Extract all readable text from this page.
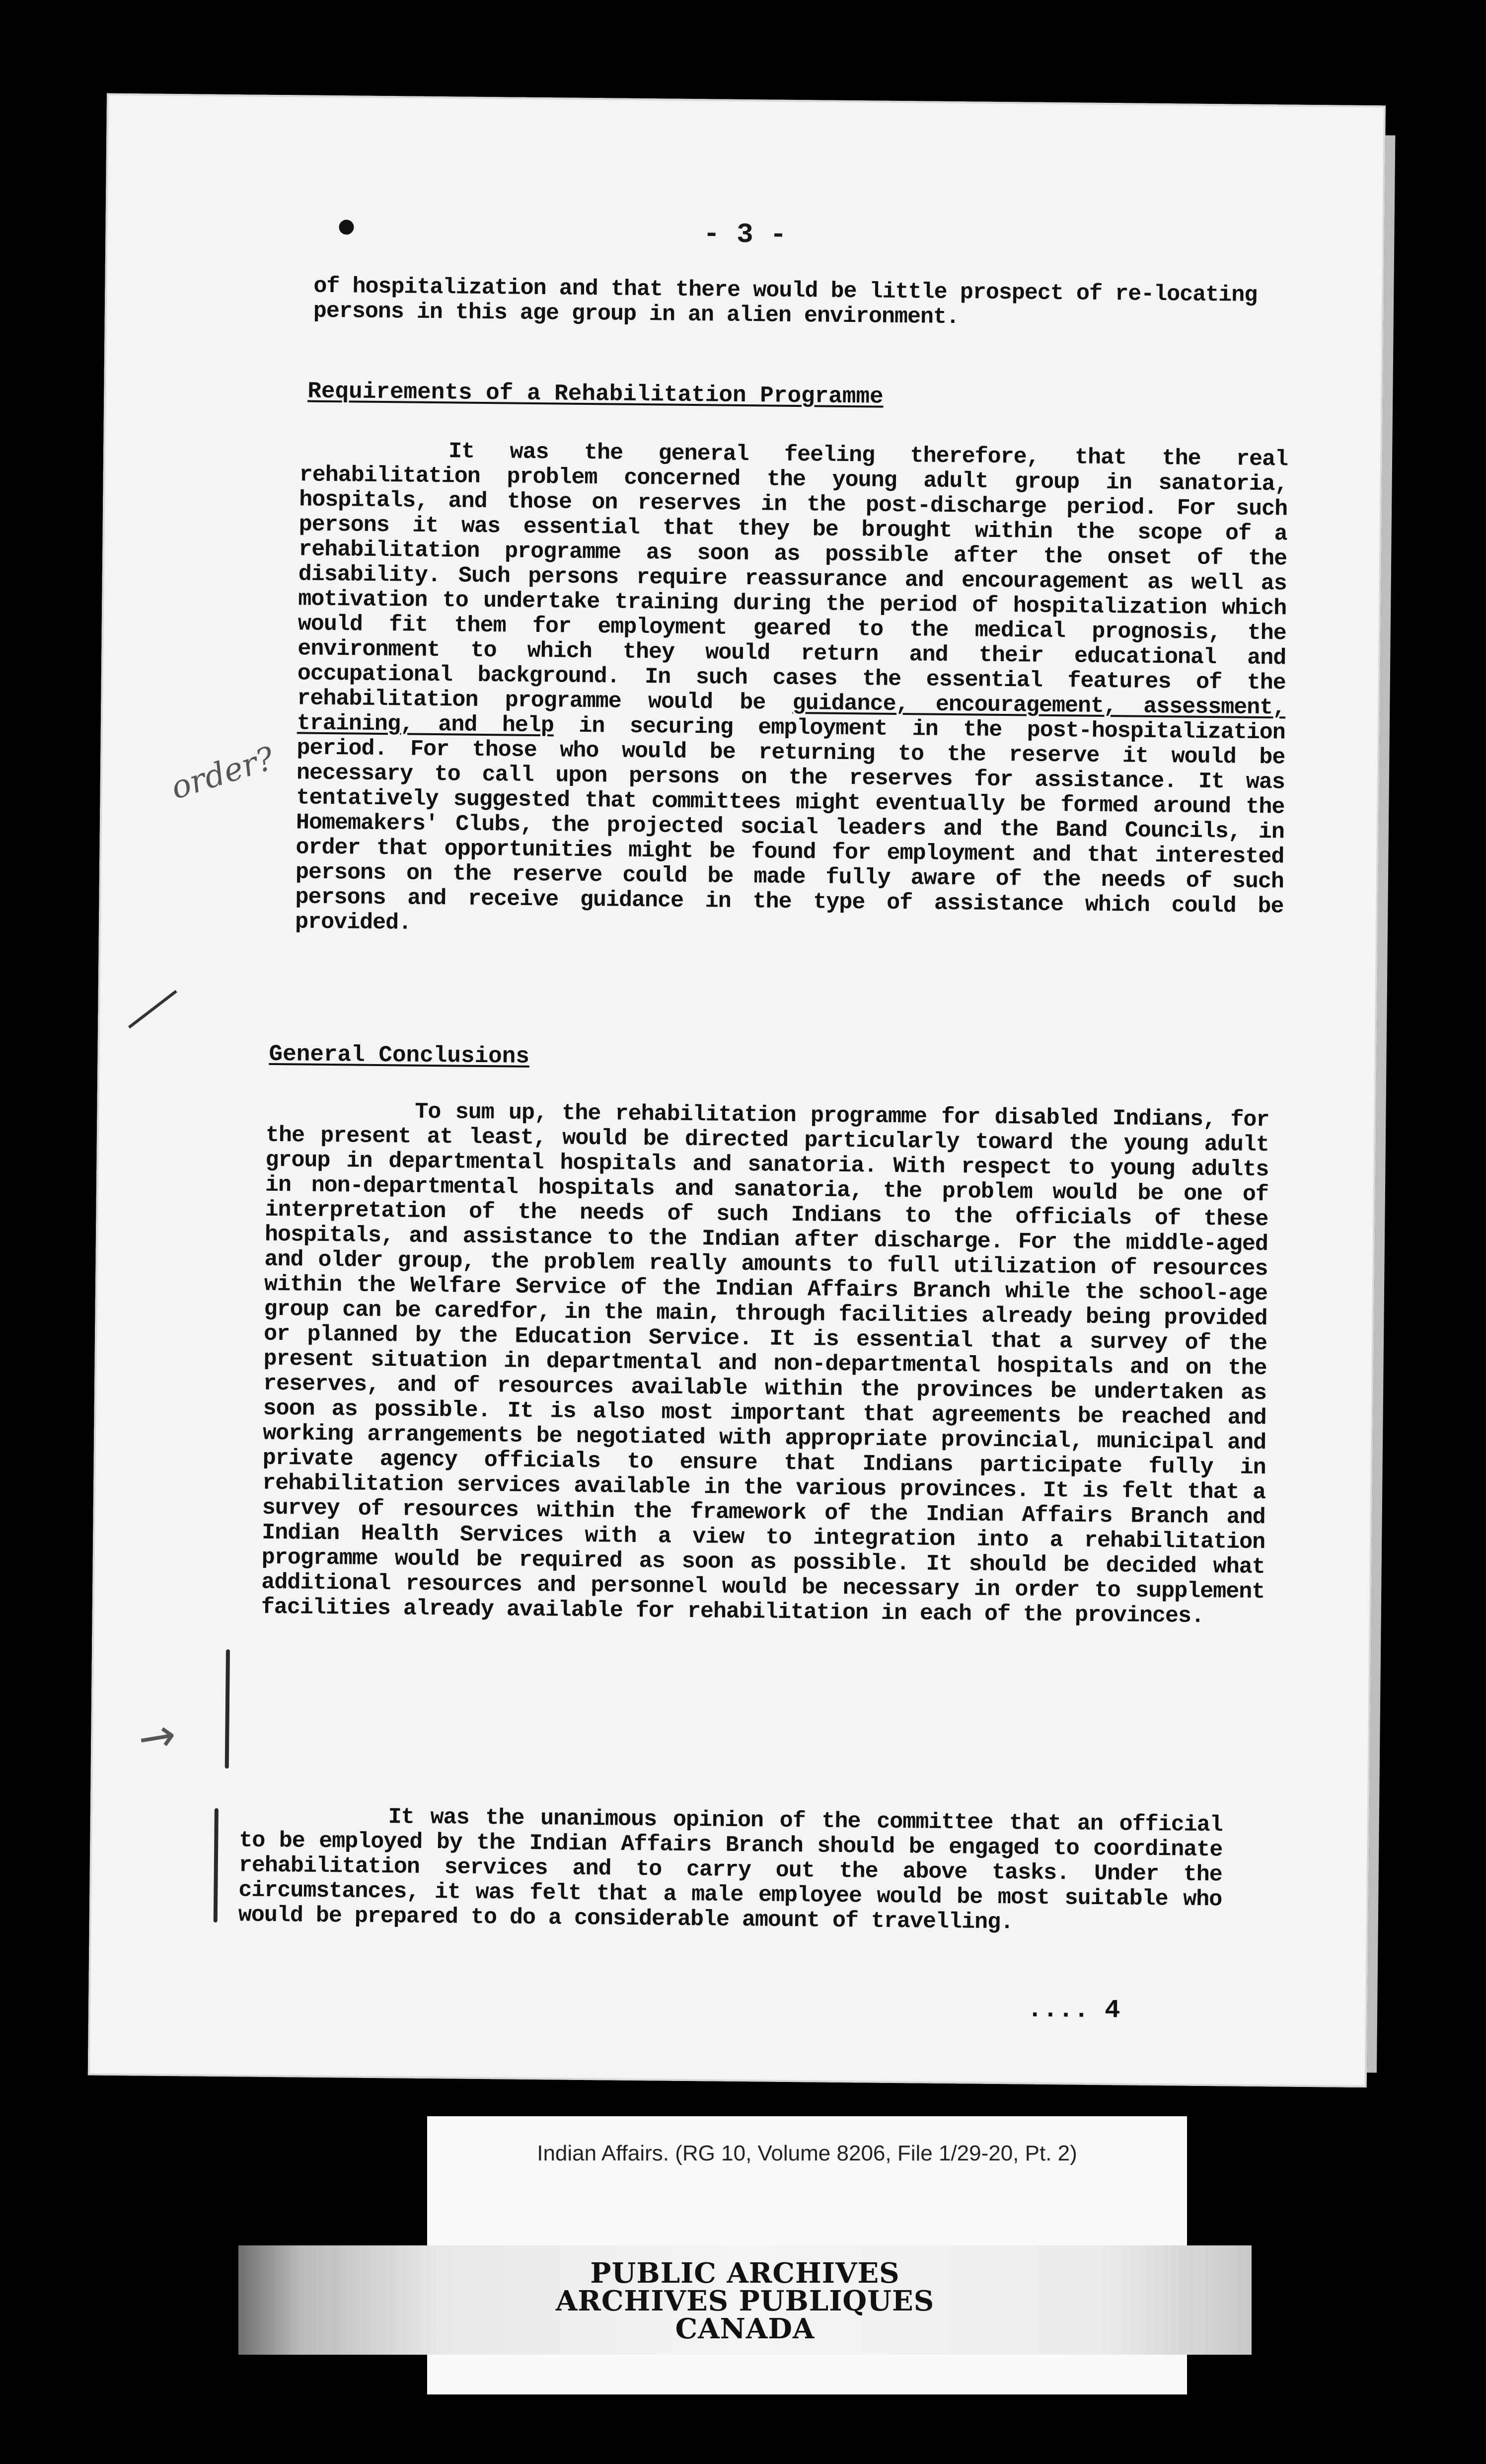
- 3 -

of hospitalization and that there would be little prospect of re-locating persons in this age group in an alien environment.

Requirements of a Rehabilitation Programme

It was the general feeling therefore, that the real rehabilitation problem concerned the young adult group in sanatoria, hospitals, and those on reserves in the post-discharge period. For such persons it was essential that they be brought within the scope of a rehabilitation programme as soon as possible after the onset of the disability. Such persons require reassurance and encouragement as well as motivation to undertake training during the period of hospitalization which would fit them for employment geared to the medical prognosis, the environment to which they would return and their educational and occupational background. In such cases the essential features of the rehabilitation programme would be guidance, encouragement, assessment, training, and help in securing employment in the post-hospitalization period. For those who would be returning to the reserve it would be necessary to call upon persons on the reserves for assistance. It was tentatively suggested that committees might eventually be formed around the Homemakers' Clubs, the projected social leaders and the Band Councils, in order that opportunities might be found for employment and that interested persons on the reserve could be made fully aware of the needs of such persons and receive guidance in the type of assistance which could be provided.

General Conclusions

To sum up, the rehabilitation programme for disabled Indians, for the present at least, would be directed particularly toward the young adult group in departmental hospitals and sanatoria. With respect to young adults in non-departmental hospitals and sanatoria, the problem would be one of interpretation of the needs of such Indians to the officials of these hospitals, and assistance to the Indian after discharge. For the middle-aged and older group, the problem really amounts to full utilization of resources within the Welfare Service of the Indian Affairs Branch while the school-age group can be caredfor, in the main, through facilities already being provided or planned by the Education Service. It is essential that a survey of the present situation in departmental and non-departmental hospitals and on the reserves, and of resources available within the provinces be undertaken as soon as possible. It is also most important that agreements be reached and working arrangements be negotiated with appropriate provincial, municipal and private agency officials to ensure that Indians participate fully in rehabilitation services available in the various provinces. It is felt that a survey of resources within the framework of the Indian Affairs Branch and Indian Health Services with a view to integration into a rehabilitation programme would be required as soon as possible. It should be decided what additional resources and personnel would be necessary in order to supplement facilities already available for rehabilitation in each of the provinces.

It was the unanimous opinion of the committee that an official to be employed by the Indian Affairs Branch should be engaged to coordinate rehabilitation services and to carry out the above tasks. Under the circumstances, it was felt that a male employee would be most suitable who would be prepared to do a considerable amount of travelling.

.... 4
order?
→
Indian Affairs. (RG 10, Volume 8206, File 1/29-20, Pt. 2)
PUBLIC ARCHIVES
ARCHIVES PUBLIQUES
CANADA
